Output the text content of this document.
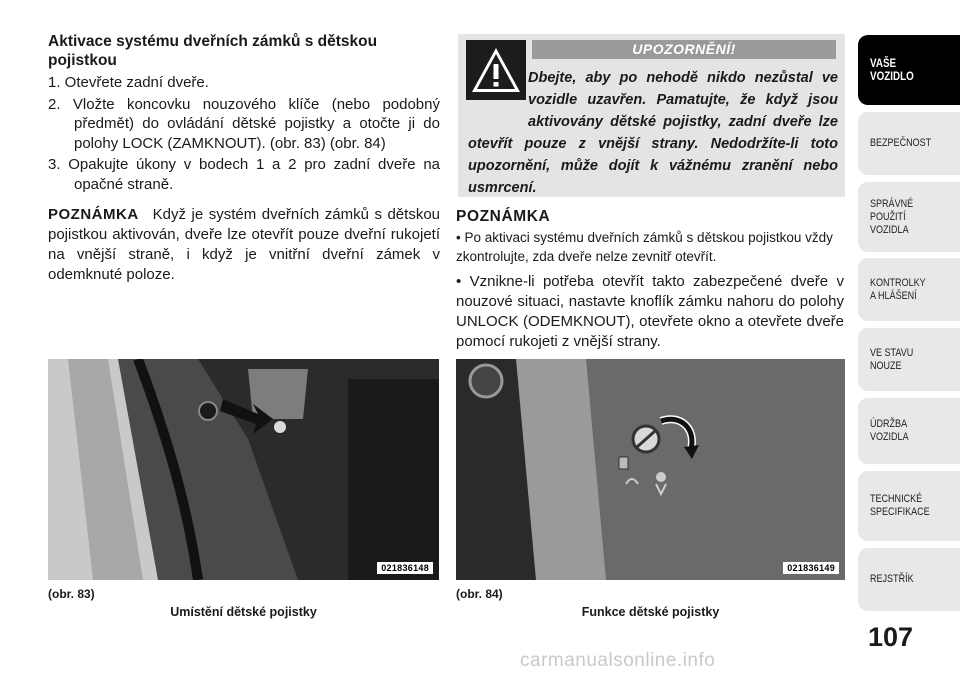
Aktivace systému dveřních zámků s dětskou pojistkou

1. Otevřete zadní dveře.

2. Vložte koncovku nouzového klíče (nebo podobný předmět) do ovládání dětské pojistky a otočte ji do polohy LOCK (ZAMKNOUT). (obr. 83) (obr. 84)

3. Opakujte úkony v bodech 1 a 2 pro zadní dveře na opačné straně.

POZNÁMKA Když je systém dveřních zámků s dětskou pojistkou aktivován, dveře lze otevřít pouze dveřní rukojetí na vnější straně, i když je vnitřní dveřní zámek v odemknuté poloze.

UPOZORNĚNÍ!
Dbejte, aby po nehodě nikdo nezůstal ve vozidle uzavřen. Pamatujte, že když jsou aktivovány dětské pojistky, zadní dveře lze otevřít pouze z vnější strany. Nedodržíte-li toto upozornění, může dojít k vážnému zranění nebo usmrcení.
POZNÁMKA

• Po aktivaci systému dveřních zámků s dětskou pojistkou vždy zkontrolujte, zda dveře nelze zevnitř otevřít.

• Vznikne-li potřeba otevřít takto zabezpečené dveře v nouzové situaci, nastavte knoflík zámku nahoru do polohy UNLOCK (ODEMKNOUT), otevřete okno a otevřete dveře pomocí rukojeti z vnější strany.

021836148
(obr. 83)
Umístění dětské pojistky
021836149
(obr. 84)
Funkce dětské pojistky
VAŠE
VOZIDLO
BEZPEČNOST
SPRÁVNÉ
POUŽITÍ
VOZIDLA
KONTROLKY
A HLÁŠENÍ
VE STAVU
NOUZE
ÚDRŽBA
VOZIDLA
TECHNICKÉ
SPECIFIKACE
REJSTŘÍK
107
carmanualsonline.info
